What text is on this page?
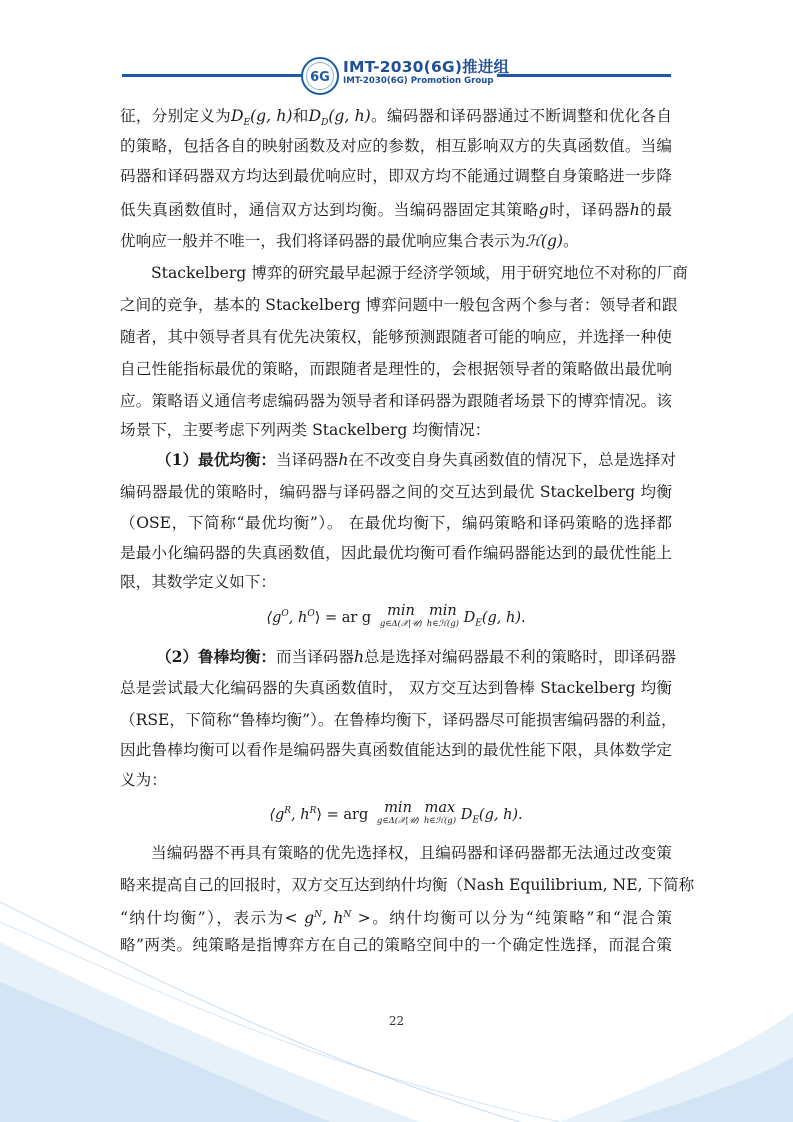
6G
IMT-2030(6G)推进组
IMT-2030(6G) Promotion Group
征，分别定义为$D_E(g$, h)和$D_D(g$, h)。编码器和译码器通过不断调整和优化各自
的策略，包括各自的映射函数及对应的参数，相互影响双方的失真函数值。当编
码器和译码器双方均达到最优响应时，即双方均不能通过调整自身策略进一步降
低失真函数值时，通信双方达到均衡。当编码器固定其策略g时，译码器h的最
优响应一般并不唯一，我们将译码器的最优响应集合表示为ℋ(g)。
Stackelberg 博弈的研究最早起源于经济学领域，用于研究地位不对称的厂商
之间的竞争，基本的 Stackelberg 博弈问题中一般包含两个参与者：领导者和跟
随者，其中领导者具有优先决策权，能够预测跟随者可能的响应，并选择一种使
自己性能指标最优的策略，而跟随者是理性的，会根据领导者的策略做出最优响
应。策略语义通信考虑编码器为领导者和译码器为跟随者场景下的博弈情况。该
场景下，主要考虑下列两类 Stackelberg 均衡情况：
（1）最优均衡：当译码器h在不改变自身失真函数值的情况下，总是选择对
编码器最优的策略时，编码器与译码器之间的交互达到最优 Stackelberg 均衡
（OSE，下简称“最优均衡”）。 在最优均衡下，编码策略和译码策略的选择都
是最小化编码器的失真函数值，因此最优均衡可看作编码器能达到的最优性能上
限，其数学定义如下：
$⟨g^O$, $h^O⟩$ = ar g	min
g∈Δ(𝒳|𝒰)

min
h∈ℋ(g) $D_E(g$, h).
（2）鲁棒均衡：而当译码器h总是选择对编码器最不利的策略时，即译码器
总是尝试最大化编码器的失真函数值时， 双方交互达到鲁棒 Stackelberg 均衡
（RSE，下简称“鲁棒均衡”）。在鲁棒均衡下，译码器尽可能损害编码器的利益，
因此鲁棒均衡可以看作是编码器失真函数值能达到的最优性能下限，具体数学定
义为：
$⟨g^R$, $h^R⟩$ = arg	min
g∈Δ(𝒳|𝒰)

max
h∈ℋ(g) $D_E(g$, h).
当编码器不再具有策略的优先选择权，且编码器和译码器都无法通过改变策
略来提高自己的回报时，双方交互达到纳什均衡（Nash Equilibrium, NE, 下简称
“纳什均衡”），表示为< $g^N$, $h^N$ >。纳什均衡可以分为“纯策略”和“混合策
略”两类。纯策略是指博弈方在自己的策略空间中的一个确定性选择，而混合策
22
